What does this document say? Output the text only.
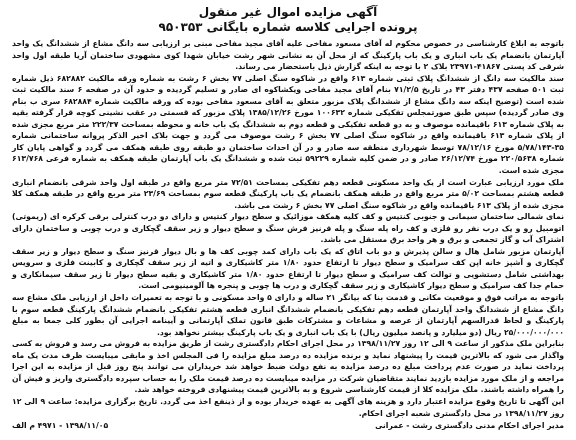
آگهی مزایده اموال غیر منقول
پرونده اجرایی کلاسه شماره بایگانی ۹۵۰۳۵۳

باتوجه به ابلاغ کارشناسی در خصوص محکوم له آقای مسعود مفاخی علیه آقای مجید مفاخی مبنی بر ارزیابی سه دانگ مشاع از ششدانگ یک واحد آپارتمان بانضمام یک باب انباری و یک باب پارکینگ که از محل آن به نشانی شهر رشت خیابان شهدا کوی مشهودی ساختمان آریا طبقه اول واحد شرقی کد پستی ۴۱۸۶۷-۲۳۹۷۱ بلاک ۲ با توجه به اینکه گزارش ذیل باستحضار می رساند.

سند مالکیت سه دانگ از ششدانگ پلاک ثبتی شماره ۶۱۳ واقع در شاکوه سنگ اصلی ۷۷ بخش ۶ رشت به شماره ورقه مالکیت ۶۸۲۸۸۲ ذیل شماره ثبت ۵۰۱ صفحه ۴۳۷ دفتر ۴۳ در تاریخ ۷۱/۲/۵ بنام آقای مجید مفاخی ویکشاکوه ای صادر و تسلیم گردیده و حدود آن در صفحه ۶ سند مالکیت ثبت شده است (توضیح اینکه سه دانگ مشاع از ششدانگ پلاک مزبور متعلق به آقای مسعود مفاخی بوده که ورقه مالکیت شماره ۶۸۲۸۸۴ سری ب بنام وی صادر گردیده) سپس طبق صورتمجلس تفکیکی شماره ۱۰۰۶۳۲ مورخ ۱۳۸۵/۱۲/۲۶ پلاک مزبور که قسمتی در عقب نشینی کوچه قرار گرفته بقیه به پلاک شماره ۶۱۳ باقیمانده موصوف و به دو قطعه تفکیکی و قطعه دوم به ششدانگ یک باب خانه و محوطه بمساحت ۲۲۲/۳۷ متر مربع مجزی شده از پلاک شماره ۶۱۳ باقیمانده واقع در شاکوه سنگ اصلی ۷۷ بخش ۶ رشت موصوف می گردد و جهت بلاک اخیر الذکر پروانه ساختمانی شماره ۳۵-۵/۷۸/۱۴۳ مورخ ۷۸/۱۲/۱۶ توسط شهرداری منطقه سه صادر و در آن احداث ساختمان دو طبقه روی طبقه همکف می گردد و گواهی پایان کار شماره ۲۲۰/۵۶۳۸ مورخ ۲۶/۱۲/۷۴ صادر و در ضمن کلیه شماره ۵۹۲۲۹ ثبت شده و ششدانگ یک باب آپارتمان طبقه همکف به شماره فرعی ۶۱۳/۷۶۸ مجزی شده است.

ملک مورد ارزیابی عبارت است از یک واحد مسکونی قطعه دهم تفکیکی بمساحت ۷۲/۵۱ متر مربع واقع در طبقه اول واحد شرقی بانضمام انباری قطعه هشتم بمساحت ۵/۰۲ متر مربع واقع در طبقه همکف بانضمام یک باب پارکینگ قطعه سوم بمساحت ۲۳/۶۹ متر مربع واقع در طبقه همکف کلا مجزی شده از پلاک ۶۱۳ باقیمانده واقع در شاکوه سنگ اصلی ۷۷ بخش ۶ رشت می باشد.

نمای شمالی ساختمان سیمانی و جنوبی کنتیس و کف کلیه همکف موزائیک و سطح دیوار کنتیس و دارای دو درب کنترلی برقی کرکره ای (ریموتی) اتومبیل رو و یک درب نفر رو فلزی و کف راه پله سنگ و پله قرنیز فرش سنگ و سطح دیوار و زیر سقف گچکاری و درب چوبی و ساختمان دارای اشتراک آب و گاز تجمعی و برق و هر واحد برق مستقل می باشد.

آپارتمان مزبور شامل هال و سالن پذیرش و دو باب اتاق که یک باب دارای کمد چوبی کف ها و بال دیوار قرنیز سنگ و سطح دیوار و زیر سقف گچکاری و آشپز خانه اپن کف سرامیک و سطح دیوار تا ارتفاع حدود ۱/۸۰ متر کاشیکاری و اتیه از زیر سقف گچکاری و کابینت فلزی و سرویس بهداشتی شامل دستشویی و توالت کف سرامیک و سطح دیوار تا ارتفاع حدود ۱/۸۰ متر کاشیکاری و بقیه سطح دیوار تا زیر سقف سیمانکاری و حمام جدا کف سرامیک و سطح دیوار کاشیکاری و زیر سقف گچکاری و درب ها چوبی و پنجره ها آلومینیومی است.

باتوجه به مراتب فوق و موقعیت مکانی و قدمت بنا که بیانگر ۲۱ ساله و دارای ۵ واحد مسکونی و با توجه به تعمیرات داخل از ارزیابی ملک مشاع سه دانگ مشاع از ششدانگ واحد آپارتمان قطعه دهم تفکیکی بانضمام ششدانگ انباری قطعه هشتم تفکیکی بانضمام ششدانگ پارکینگ قطعه سوم با پارکینگ و لحاظ قدرالسهم آپارتمان از عرصه و مشاعات و مشترکات طبق قانون تملک آپارتمانی و آیینامه اجرایی آن بطور کلی جمعا به مبلغ ۲۵/۰۰۰/۰۰۰/۰۰۰ ریال (دو میلیارد و پانصد میلیون ریال) با یک باب انباری و یک باب پارکینگ بیشتر نخواهد بود.

بنابراین ملک مذکور از ساعت ۹ الی ۱۲ روز ۱۳۹۸/۱۱/۲۷ در محل اجرای احکام دادگستری رشت از طریق مزایده به فروش می رسد و فروش به کسی واگذار می شود که بالاترین قیمت را پیشنهاد نماید و برنده مزایده ده درصد مبلغ مزایده را فی المجلس اخذ و مابقی میبایست ظرف مدت یک ماه پرداخت نماید در صورت عدم پرداخت مبلغ ده درصد مزایده به نفع دولت ضبط خواهد شد خریداران می توانند پنج روز قبل از مزایده به این اجرا مراجعه و از ملک مورد مزایده بازدید نمایند متقاضیان شرکت در مزایده میبایست ده درصد قیمت ملک را به حساب سپرده دادگستری واریز و فیش آن را همراه داشته باشند. ملک مزایده کلا از قیمت کارشناسی شروع و به بالاترین قیمت پیشنهادی فروخته خواهد شد.

این آگهی تا تاریخ وقوع مزایده اعتبار دارد و هزینه های آگهی به عهده خریدار بوده و از ذینفع اخذ می گردد. تاریخ برگزاری مزایده: ساعت ۹ الی ۱۲ روز ۱۳۹۸/۱۱/۲۷ در محل دادگستری شعبه اجرای احکام.

مدیر اجرای احکام مدنی دادگستری رشت - عمرانی
۱۳۹۸/۱۱/۰۵ - ۴۹۷۱ م الف
